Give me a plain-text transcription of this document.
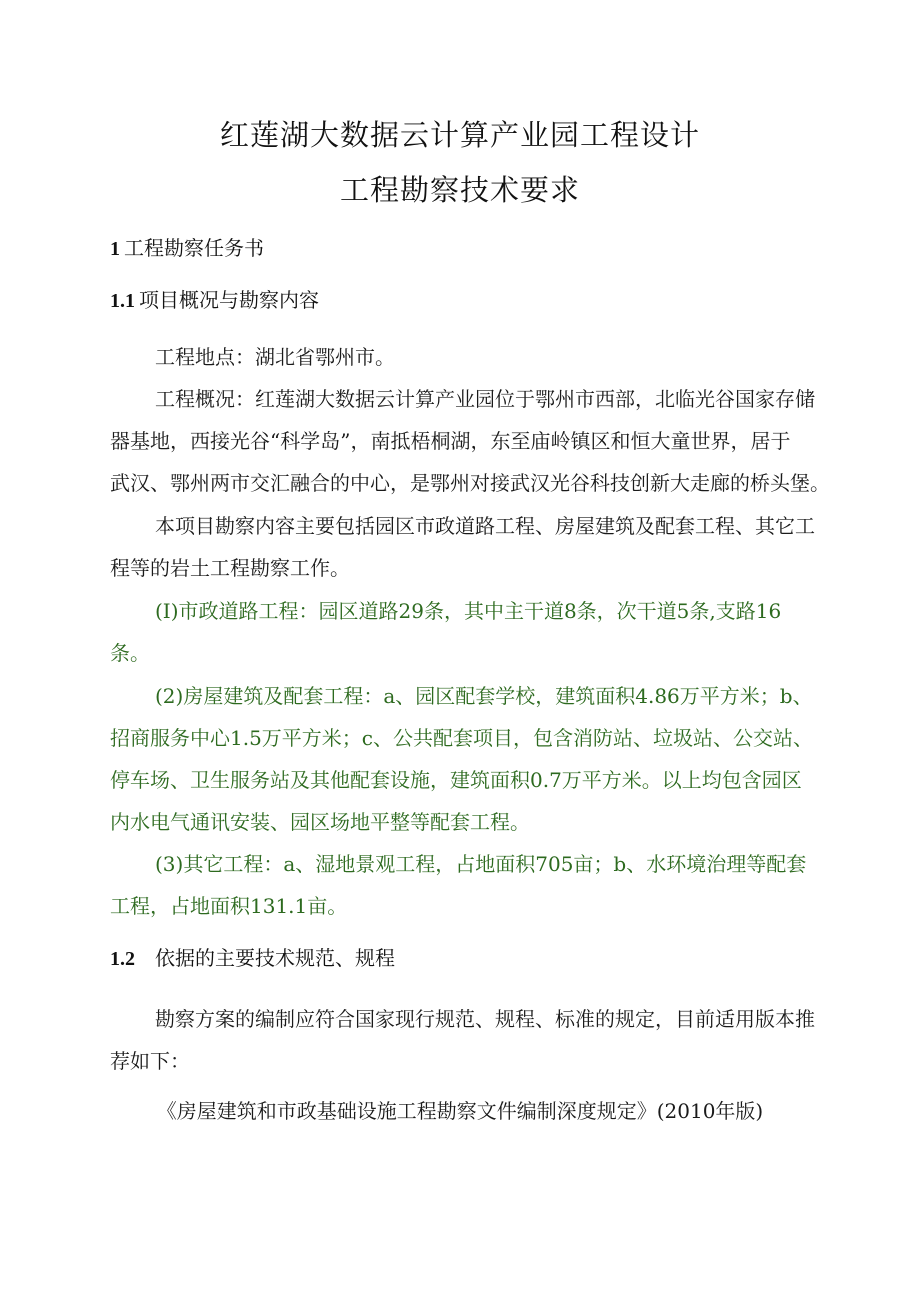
红莲湖大数据云计算产业园工程设计
工程勘察技术要求
1 工程勘察任务书
1.1 项目概况与勘察内容
工程地点：湖北省鄂州市。
工程概况：红莲湖大数据云计算产业园位于鄂州市西部，北临光谷国家存储
器基地，西接光谷“科学岛”，南抵梧桐湖，东至庙岭镇区和恒大童世界，居于
武汉、鄂州两市交汇融合的中心，是鄂州对接武汉光谷科技创新大走廊的桥头堡。
本项目勘察内容主要包括园区市政道路工程、房屋建筑及配套工程、其它工
程等的岩土工程勘察工作。
(I)市政道路工程：园区道路29条，其中主干道8条，次干道5条,支路16
条。
(2)房屋建筑及配套工程：a、园区配套学校，建筑面积4.86万平方米；b、
招商服务中心1.5万平方米；c、公共配套项目，包含消防站、垃圾站、公交站、
停车场、卫生服务站及其他配套设施，建筑面积0.7万平方米。以上均包含园区
内水电气通讯安装、园区场地平整等配套工程。
(3)其它工程：a、湿地景观工程，占地面积705亩；b、水环境治理等配套
工程，占地面积131.1亩。
1.2 依据的主要技术规范、规程
勘察方案的编制应符合国家现行规范、规程、标准的规定，目前适用版本推
荐如下：
《房屋建筑和市政基础设施工程勘察文件编制深度规定》(2010年版)
